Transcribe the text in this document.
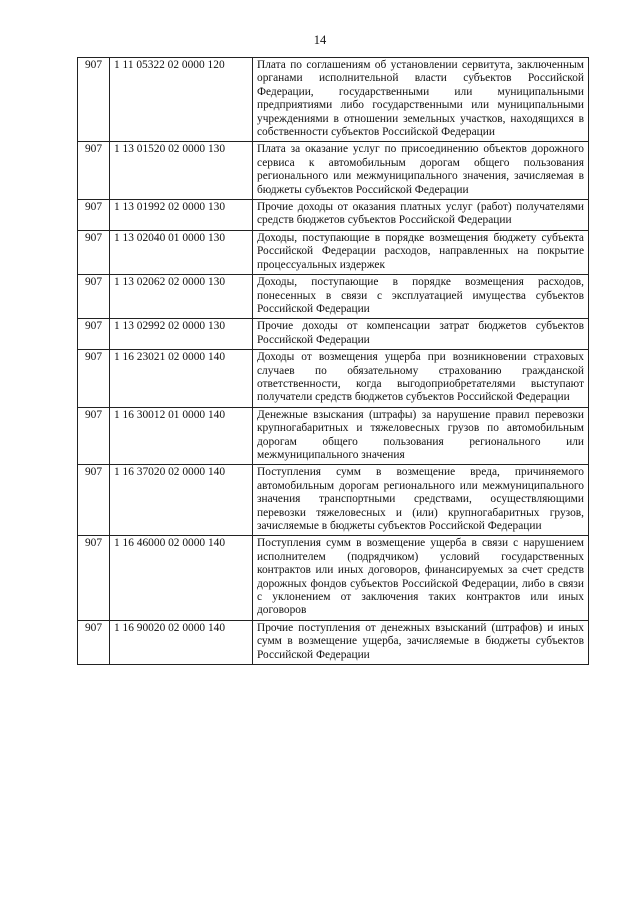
14
907	1 11 05322 02 0000 120	Плата по соглашениям об установлении сервитута, заключенным органами исполнительной власти субъектов Российской Федерации, государственными или муниципальными предприятиями либо государственными или муниципальными учреждениями в отношении земельных участков, находящихся в собственности субъектов Российской Федерации
907	1 13 01520 02 0000 130	Плата за оказание услуг по присоединению объектов дорожного сервиса к автомобильным дорогам общего пользования регионального или межмуниципального значения, зачисляемая в бюджеты субъектов Российской Федерации
907	1 13 01992 02 0000 130	Прочие доходы от оказания платных услуг (работ) получателями средств бюджетов субъектов Российской Федерации
907	1 13 02040 01 0000 130	Доходы, поступающие в порядке возмещения бюджету субъекта Российской Федерации расходов, направленных на покрытие процессуальных издержек
907	1 13 02062 02 0000 130	Доходы, поступающие в порядке возмещения расходов, понесенных в связи с эксплуатацией имущества субъектов Российской Федерации
907	1 13 02992 02 0000 130	Прочие доходы от компенсации затрат бюджетов субъектов Российской Федерации
907	1 16 23021 02 0000 140	Доходы от возмещения ущерба при возникновении страховых случаев по обязательному страхованию гражданской ответственности, когда выгодоприобретателями выступают получатели средств бюджетов субъектов Российской Федерации
907	1 16 30012 01 0000 140	Денежные взыскания (штрафы) за нарушение правил перевозки крупногабаритных и тяжеловесных грузов по автомобильным дорогам общего пользования регионального или межмуниципального значения
907	1 16 37020 02 0000 140	Поступления сумм в возмещение вреда, причиняемого автомобильным дорогам регионального или межмуниципального значения транспортными средствами, осуществляющими перевозки тяжеловесных и (или) крупногабаритных грузов, зачисляемые в бюджеты субъектов Российской Федерации
907	1 16 46000 02 0000 140	Поступления сумм в возмещение ущерба в связи с нарушением исполнителем (подрядчиком) условий государственных контрактов или иных договоров, финансируемых за счет средств дорожных фондов субъектов Российской Федерации, либо в связи с уклонением от заключения таких контрактов или иных договоров
907	1 16 90020 02 0000 140	Прочие поступления от денежных взысканий (штрафов) и иных сумм в возмещение ущерба, зачисляемые в бюджеты субъектов Российской Федерации
